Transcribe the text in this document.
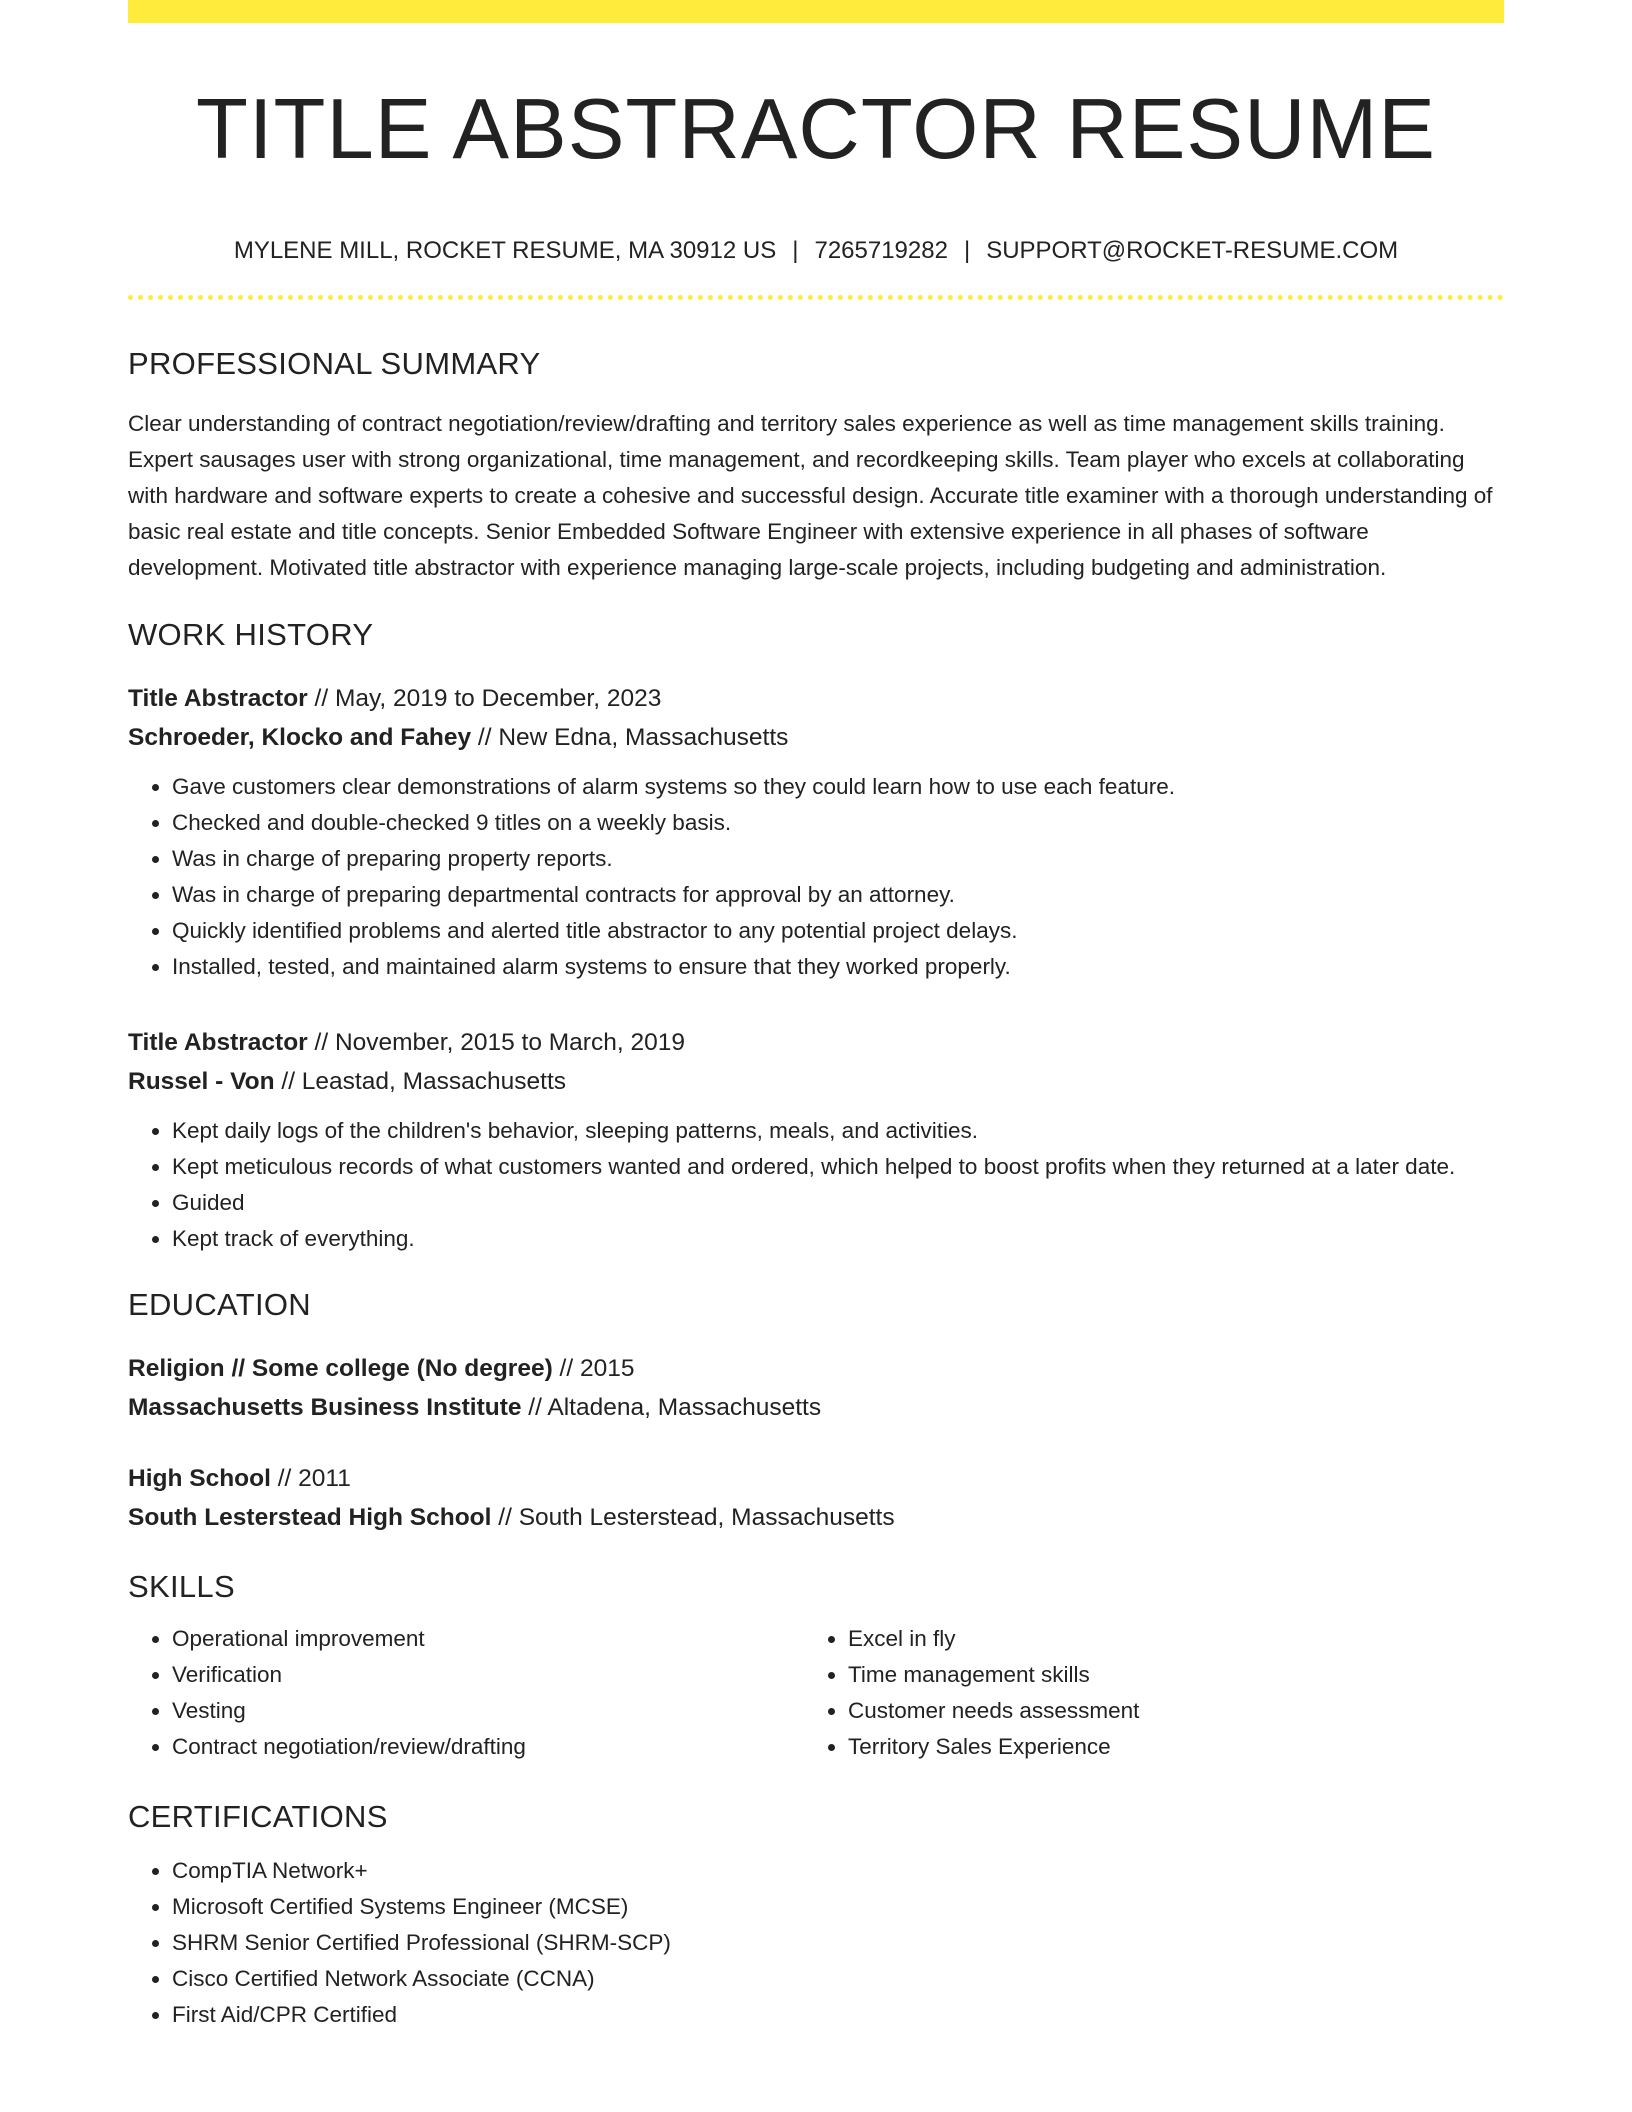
TITLE ABSTRACTOR RESUME
MYLENE MILL, ROCKET RESUME, MA 30912 US | 7265719282 | SUPPORT@ROCKET-RESUME.COM
PROFESSIONAL SUMMARY
Clear understanding of contract negotiation/review/drafting and territory sales experience as well as time management skills training. Expert sausages user with strong organizational, time management, and recordkeeping skills. Team player who excels at collaborating with hardware and software experts to create a cohesive and successful design. Accurate title examiner with a thorough understanding of basic real estate and title concepts. Senior Embedded Software Engineer with extensive experience in all phases of software development. Motivated title abstractor with experience managing large-scale projects, including budgeting and administration.
WORK HISTORY
Title Abstractor // May, 2019 to December, 2023
Schroeder, Klocko and Fahey // New Edna, Massachusetts
• Gave customers clear demonstrations of alarm systems so they could learn how to use each feature.
• Checked and double-checked 9 titles on a weekly basis.
• Was in charge of preparing property reports.
• Was in charge of preparing departmental contracts for approval by an attorney.
• Quickly identified problems and alerted title abstractor to any potential project delays.
• Installed, tested, and maintained alarm systems to ensure that they worked properly.
Title Abstractor // November, 2015 to March, 2019
Russel - Von // Leastad, Massachusetts
• Kept daily logs of the children's behavior, sleeping patterns, meals, and activities.
• Kept meticulous records of what customers wanted and ordered, which helped to boost profits when they returned at a later date.
• Guided
• Kept track of everything.
EDUCATION
Religion // Some college (No degree) // 2015
Massachusetts Business Institute // Altadena, Massachusetts
High School // 2011
South Lesterstead High School // South Lesterstead, Massachusetts
SKILLS
• Operational improvement
• Verification
• Vesting
• Contract negotiation/review/drafting
• Excel in fly
• Time management skills
• Customer needs assessment
• Territory Sales Experience
CERTIFICATIONS
• CompTIA Network+
• Microsoft Certified Systems Engineer (MCSE)
• SHRM Senior Certified Professional (SHRM-SCP)
• Cisco Certified Network Associate (CCNA)
• First Aid/CPR Certified
